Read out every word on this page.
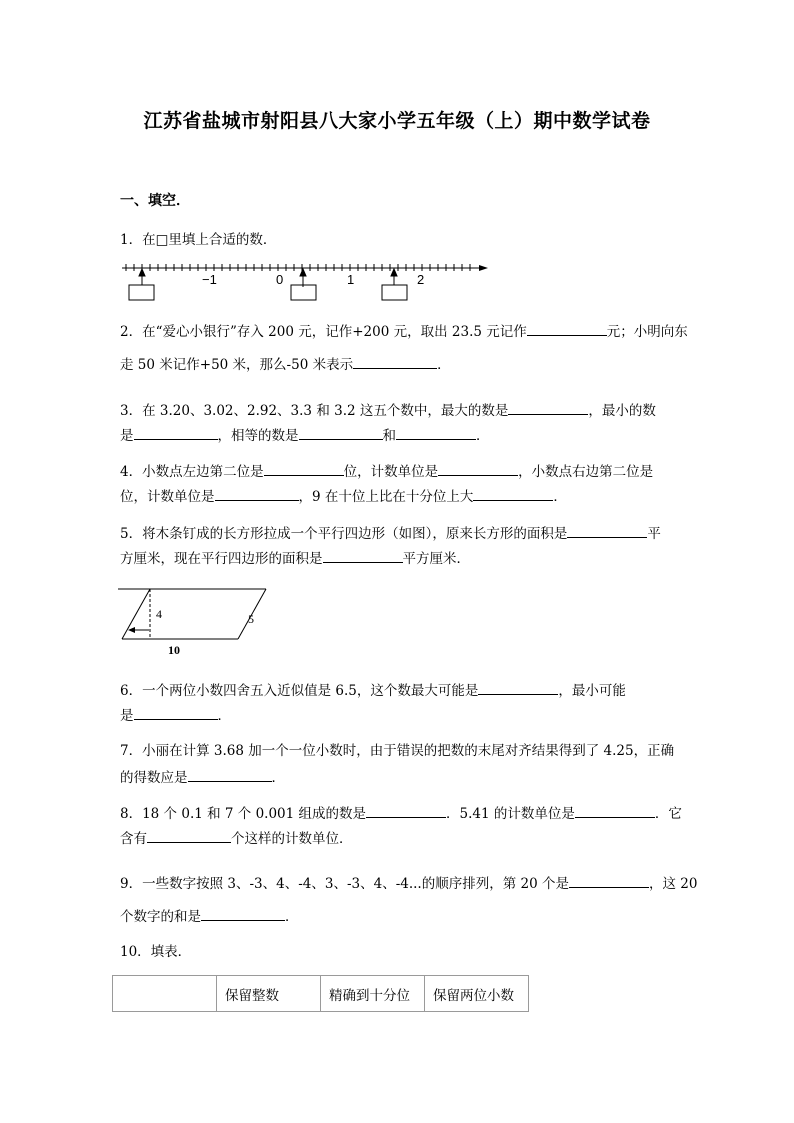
江苏省盐城市射阳县八大家小学五年级（上）期中数学试卷
一、填空．
1．在□里填上合适的数．
−1	0	1	2
2．在“爱心小银行”存入 200 元，记作+200 元，取出 23.5 元记作	元；小明向东
走 50 米记作+50 米，那么-50 米表示	．
3．在 3.20、3.02、2.92、3.3 和 3.2 这五个数中，最大的数是	，最小的数
是	，相等的数是	和	．
4．小数点左边第二位是	位，计数单位是	，小数点右边第二位是
位，计数单位是	，9 在十位上比在十分位上大	．
5．将木条钉成的长方形拉成一个平行四边形（如图），原来长方形的面积是	平
方厘米，现在平行四边形的面积是	平方厘米．
4	5
10
6．一个两位小数四舍五入近似值是 6.5，这个数最大可能是	，最小可能
是	．
7．小丽在计算 3.68 加一个一位小数时，由于错误的把数的末尾对齐结果得到了 4.25，正确
的得数应是	．
8．18 个 0.1 和 7 个 0.001 组成的数是	．5.41 的计数单位是	．它
含有	个这样的计数单位．
9．一些数字按照 3、-3、4、-4、3、-3、4、-4...的顺序排列，第 20 个是	，这 20
个数字的和是	．
10．填表．
	保留整数	精确到十分位	保留两位小数
